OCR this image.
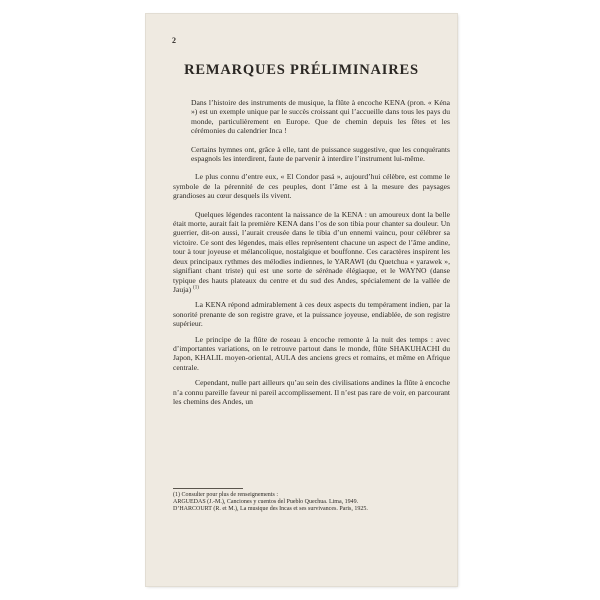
2
REMARQUES PRÉLIMINAIRES

Dans l’histoire des instruments de musique, la flûte à encoche KENA (pron. « Kéna ») est un exemple unique par le succès croissant qui l’accueille dans tous les pays du monde, particulièrement en Europe. Que de chemin depuis les fêtes et les cérémonies du calendrier Inca !

Certains hymnes ont, grâce à elle, tant de puissance suggestive, que les conquérants espagnols les interdirent, faute de parvenir à interdire l’instrument lui-même.

Le plus connu d’entre eux, « El Condor pasá », aujourd’hui célèbre, est comme le symbole de la pérennité de ces peuples, dont l’âme est à la mesure des paysages grandioses au cœur desquels ils vivent.

Quelques légendes racontent la naissance de la KENA : un amoureux dont la belle était morte, aurait fait la première KENA dans l’os de son tibia pour chanter sa douleur. Un guerrier, dit-on aussi, l’aurait creusée dans le tibia d’un ennemi vaincu, pour célébrer sa victoire. Ce sont des légendes, mais elles représentent chacune un aspect de l’âme andine, tour à tour joyeuse et mélancolique, nostalgique et bouffonne. Ces caractères inspirent les deux principaux rythmes des mélodies indiennes, le YARAWI (du Quetchua « yarawek », signifiant chant triste) qui est une sorte de sérénade élégiaque, et le WAYNO (danse typique des hauts plateaux du centre et du sud des Andes, spécialement de la vallée de Jauja) $^{(1)}$

La KENA répond admirablement à ces deux aspects du tempérament indien, par la sonorité prenante de son registre grave, et la puissance joyeuse, endiablée, de son registre supérieur.

Le principe de la flûte de roseau à encoche remonte à la nuit des temps : avec d’importantes variations, on le retrouve partout dans le monde, flûte SHAKUHACHI du Japon, KHALIL moyen-oriental, AULA des anciens grecs et romains, et même en Afrique centrale.

Cependant, nulle part ailleurs qu’au sein des civilisations andines la flûte à encoche n’a connu pareille faveur ni pareil accomplissement. Il n’est pas rare de voir, en parcourant les chemins des Andes, un

(1) Consulter pour plus de renseignements :
ARGUEDAS (J.-M.), Canciones y cuentos del Pueblo Quechua. Lima, 1949.
D’HARCOURT (R. et M.), La musique des Incas et ses survivances. Paris, 1925.
